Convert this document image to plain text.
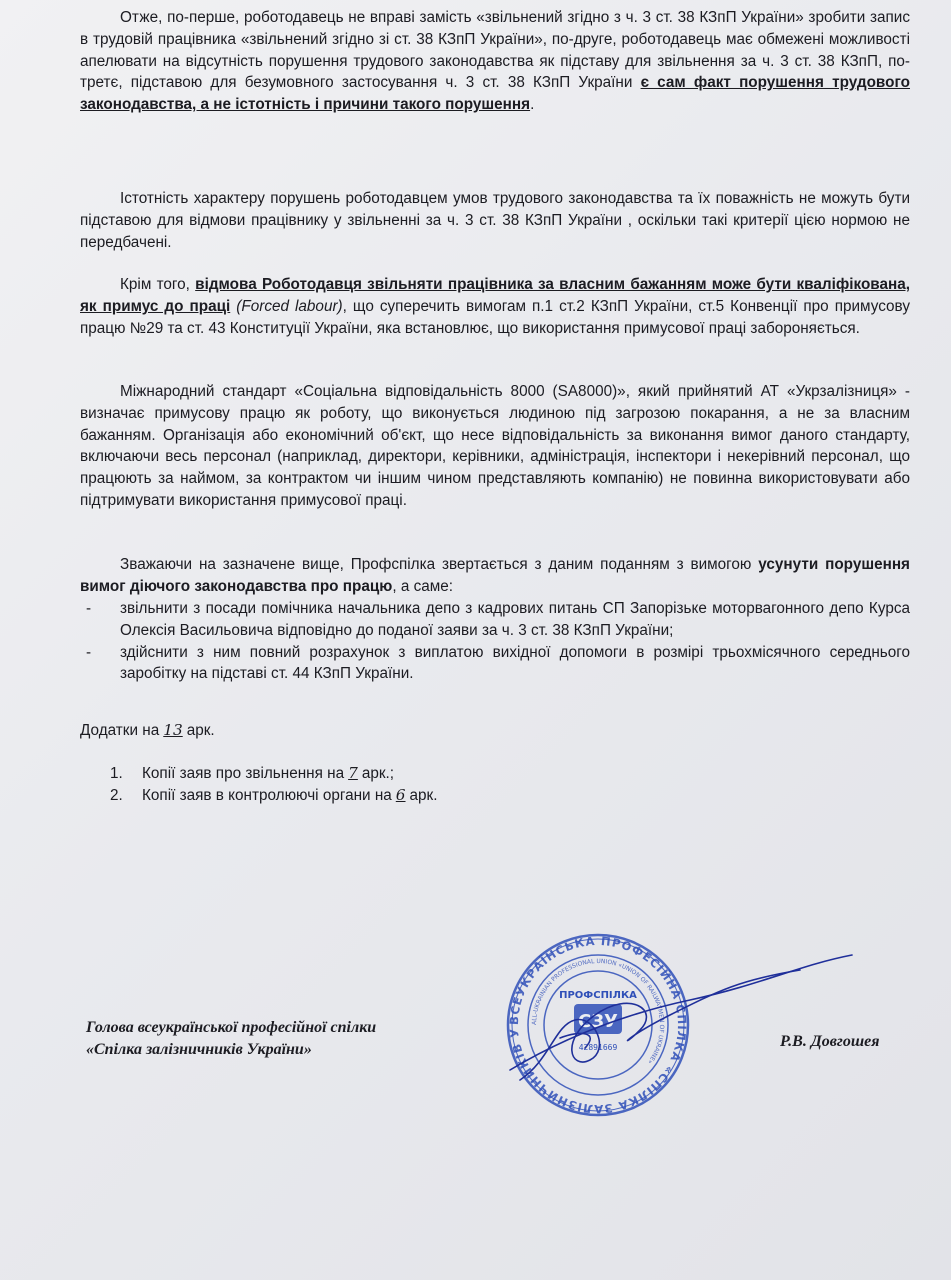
Отже, по-перше, роботодавець не вправі замість «звільнений згідно з ч. 3 ст. 38 КЗпП України» зробити запис в трудовій працівника «звільнений згідно зі ст. 38 КЗпП України», по-друге, роботодавець має обмежені можливості апелювати на відсутність порушення трудового законодавства як підставу для звільнення за ч. 3 ст. 38 КЗпП, по-третє, підставою для безумовного застосування ч. 3 ст. 38 КЗпП України є сам факт порушення трудового законодавства, а не істотність і причини такого порушення.

Істотність характеру порушень роботодавцем умов трудового законодавства та їх поважність не можуть бути підставою для відмови працівнику у звільненні за ч. 3 ст. 38 КЗпП України , оскільки такі критерії цією нормою не передбачені.

Крім того, відмова Роботодавця звільняти працівника за власним бажанням може бути кваліфікована, як примус до праці (Forced labour), що суперечить вимогам п.1 ст.2 КЗпП України, ст.5 Конвенції про примусову працю №29 та ст. 43 Конституції України, яка встановлює, що використання примусової праці забороняється.

Міжнародний стандарт «Соціальна відповідальність 8000 (SA8000)», який прийнятий АТ «Укрзалізниця» - визначає примусову працю як роботу, що виконується людиною під загрозою покарання, а не за власним бажанням. Організація або економічний об'єкт, що несе відповідальність за виконання вимог даного стандарту, включаючи весь персонал (наприклад, директори, керівники, адміністрація, інспектори і некерівний персонал, що працюють за наймом, за контрактом чи іншим чином представляють компанію) не повинна використовувати або підтримувати використання примусової праці.

Зважаючи на зазначене вище, Профспілка звертається з даним поданням з вимогою усунути порушення вимог діючого законодавства про працю, а саме:

- звільнити з посади помічника начальника депо з кадрових питань СП Запорізьке моторвагонного депо Курса Олексія Васильовича відповідно до поданої заяви за ч. 3 ст. 38 КЗпП України;
- здійснити з ним повний розрахунок з виплатою вихідної допомоги в розмірі трьохмісячного середнього заробітку на підставі ст. 44 КЗпП України.
Додатки на 13 арк.
1. Копії заяв про звільнення на 7 арк.;
2. Копії заяв в контролюючі органи на 6 арк.
ВСЕУКРАЇНСЬКА ПРОФЕСІЙНА СПІЛКА «СПІЛКА ЗАЛІЗНИЧНИКІВ У
ALL-UKRAINIAN PROFESSIONAL UNION «UNION OF RAILWAYMEN OF UKRAINE»
ПРОФСПІЛКА
СЗУ
42891669
Голова всеукраїнської професійної спілки
«Спілка залізничників України»	Р.В. Довгошея
